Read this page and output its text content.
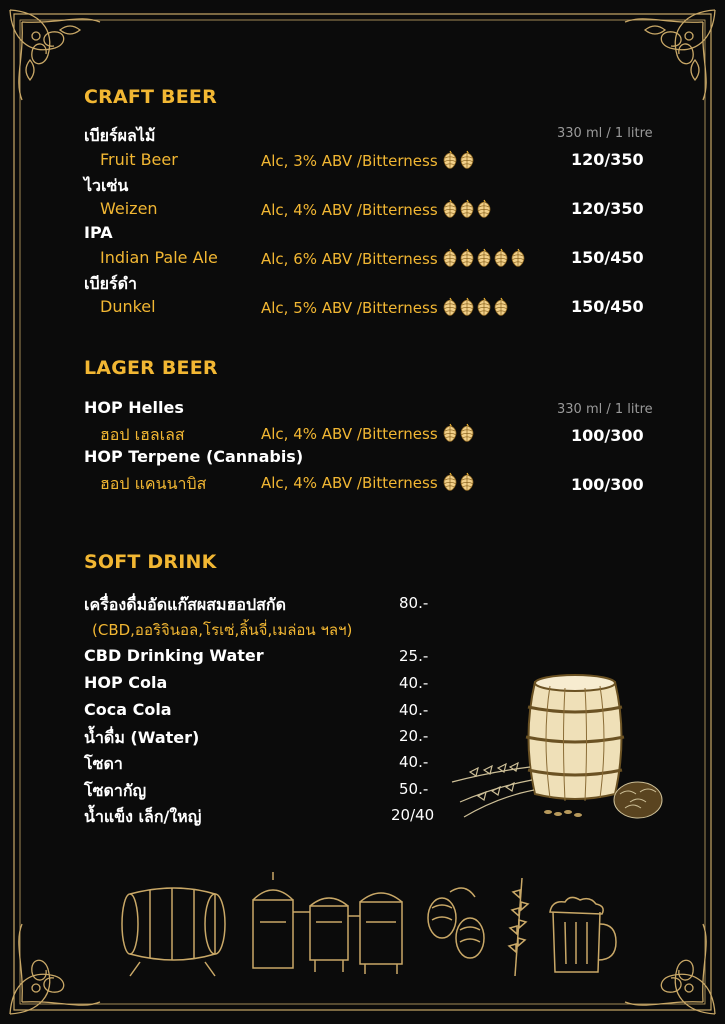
CRAFT BEER
330 ml / 1 litre
เบียร์ผลไม้
Fruit Beer	Alc, 3% ABV /Bitterness	120/350
ไวเซ่น
Weizen	Alc, 4% ABV /Bitterness	120/350
IPA
Indian Pale Ale	Alc, 6% ABV /Bitterness	150/450
เบียร์ดำ
Dunkel	Alc, 5% ABV /Bitterness	150/450
LAGER BEER
330 ml / 1 litre
HOP Helles
ฮอป เฮลเลส	Alc, 4% ABV /Bitterness	100/300
HOP Terpene (Cannabis)
ฮอป แคนนาบิส	Alc, 4% ABV /Bitterness	100/300
SOFT DRINK
เครื่องดื่มอัดแก๊สผสมฮอปสกัด	80.-
(CBD,ออริจินอล,โรเซ่,ลิ้นจี่,เมล่อน ฯลฯ)
CBD Drinking Water	25.-
HOP Cola	40.-
Coca Cola	40.-
น้ำดื่ม (Water)	20.-
โซดา	40.-
โซดากัญ	50.-
น้ำแข็ง เล็ก/ใหญ่	20/40
